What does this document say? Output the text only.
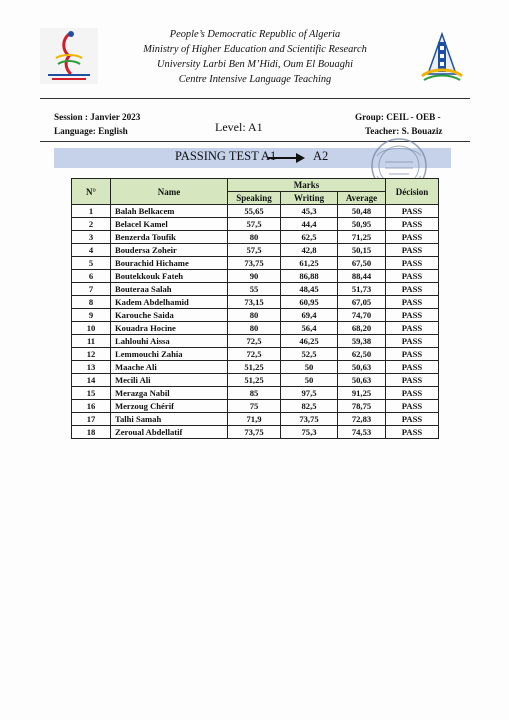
People’s Democratic Republic of Algeria
Ministry of Higher Education and Scientific Research
University Larbi Ben M’Hidi, Oum El Bouaghi
Centre Intensive Language Teaching
Session : Janvier 2023
Language: English	Level: A1
Group: CEIL - OEB -
Teacher: S. Bouaziz
PASSING TEST A1	A2
N°	Name	Marks			Décision
		Speaking	Writing	Average	
1	Balah Belkacem	55,65	45,3	50,48	PASS
2	Belacel Kamel	57,5	44,4	50,95	PASS
3	Benzerda Toufik	80	62,5	71,25	PASS
4	Boudersa Zoheir	57,5	42,8	50,15	PASS
5	Bourachid Hichame	73,75	61,25	67,50	PASS
6	Boutekkouk Fateh	90	86,88	88,44	PASS
7	Bouteraa Salah	55	48,45	51,73	PASS
8	Kadem Abdelhamid	73,15	60,95	67,05	PASS
9	Karouche Saida	80	69,4	74,70	PASS
10	Kouadra Hocine	80	56,4	68,20	PASS
11	Lahlouhi Aissa	72,5	46,25	59,38	PASS
12	Lemmouchi Zahia	72,5	52,5	62,50	PASS
13	Maache Ali	51,25	50	50,63	PASS
14	Mecili Ali	51,25	50	50,63	PASS
15	Merazga Nabil	85	97,5	91,25	PASS
16	Merzoug Chérif	75	82,5	78,75	PASS
17	Talhi Samah	71,9	73,75	72,83	PASS
18	Zeroual Abdellatif	73,75	75,3	74,53	PASS
